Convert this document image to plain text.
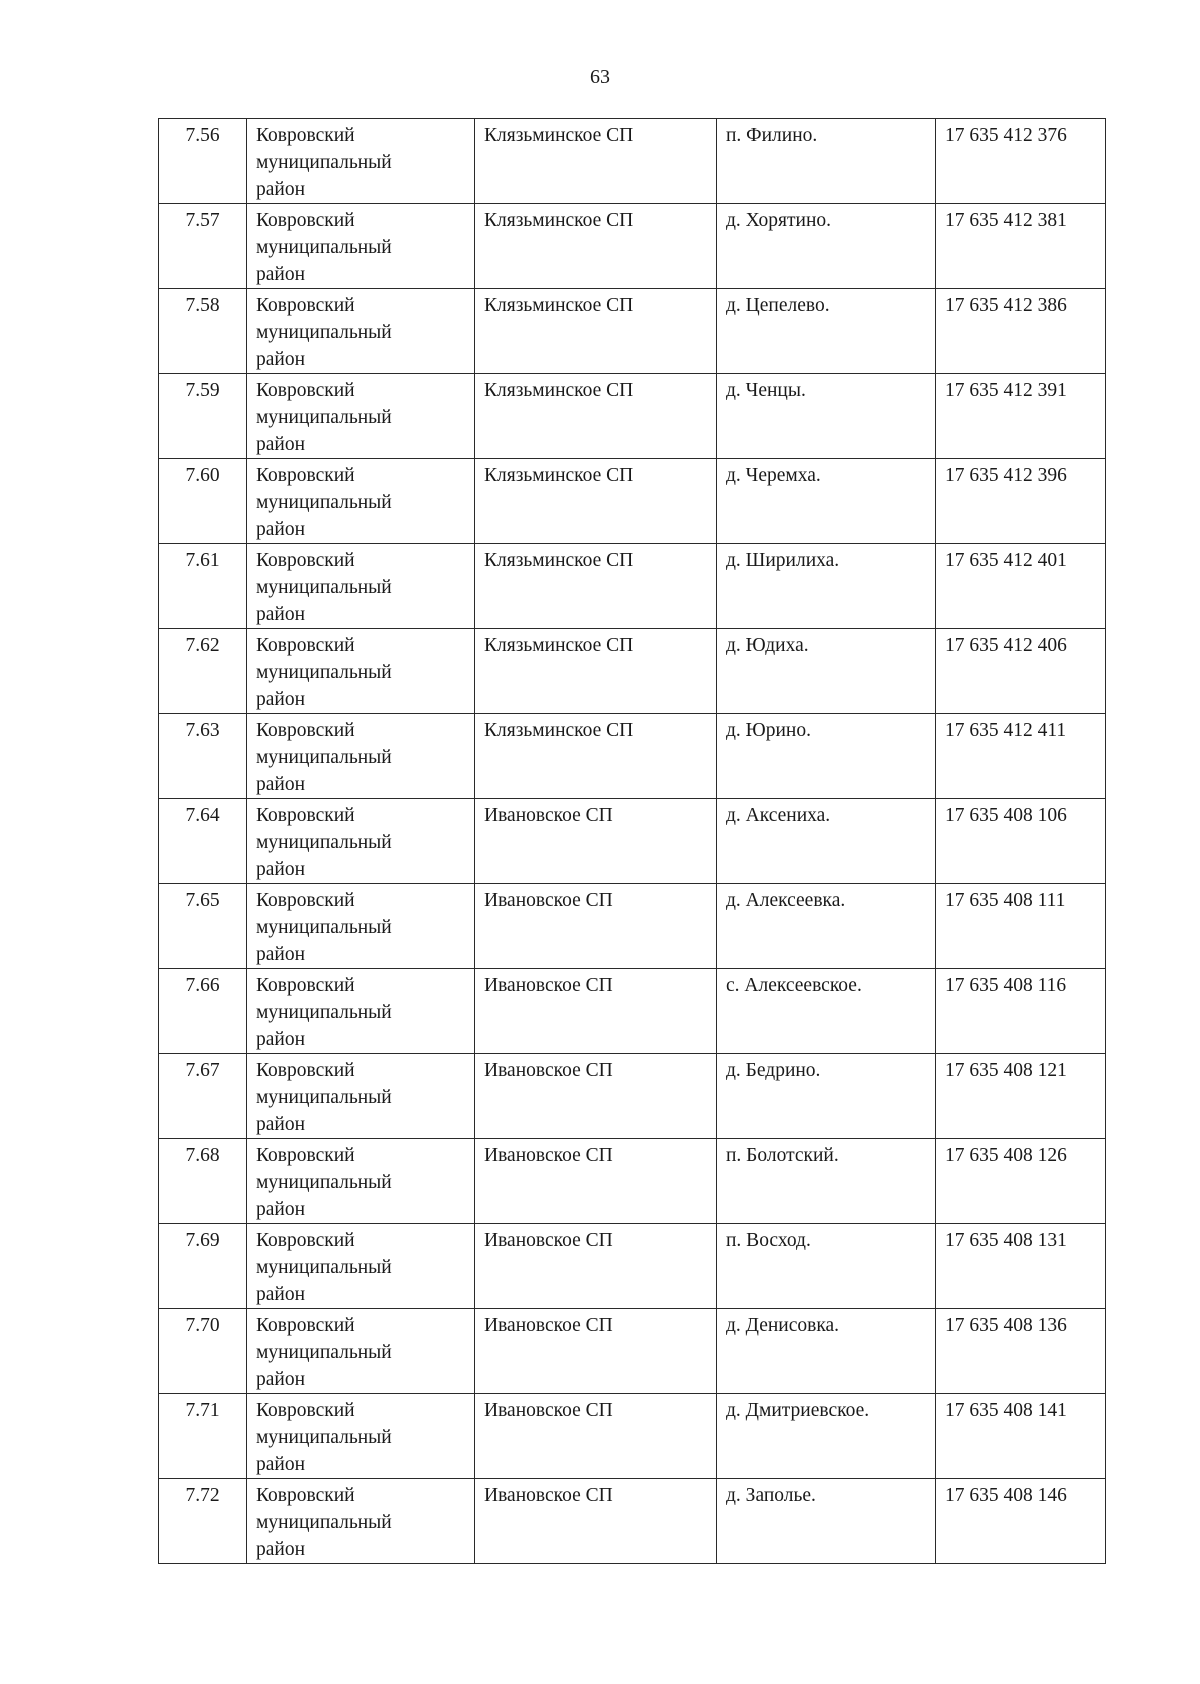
63
7.56	Ковровский
муниципальный
район	Клязьминское СП	п. Филино.	17 635 412 376
7.57	Ковровский
муниципальный
район	Клязьминское СП	д. Хорятино.	17 635 412 381
7.58	Ковровский
муниципальный
район	Клязьминское СП	д. Цепелево.	17 635 412 386
7.59	Ковровский
муниципальный
район	Клязьминское СП	д. Ченцы.	17 635 412 391
7.60	Ковровский
муниципальный
район	Клязьминское СП	д. Черемха.	17 635 412 396
7.61	Ковровский
муниципальный
район	Клязьминское СП	д. Ширилиха.	17 635 412 401
7.62	Ковровский
муниципальный
район	Клязьминское СП	д. Юдиха.	17 635 412 406
7.63	Ковровский
муниципальный
район	Клязьминское СП	д. Юрино.	17 635 412 411
7.64	Ковровский
муниципальный
район	Ивановское СП	д. Аксениха.	17 635 408 106
7.65	Ковровский
муниципальный
район	Ивановское СП	д. Алексеевка.	17 635 408 111
7.66	Ковровский
муниципальный
район	Ивановское СП	с. Алексеевское.	17 635 408 116
7.67	Ковровский
муниципальный
район	Ивановское СП	д. Бедрино.	17 635 408 121
7.68	Ковровский
муниципальный
район	Ивановское СП	п. Болотский.	17 635 408 126
7.69	Ковровский
муниципальный
район	Ивановское СП	п. Восход.	17 635 408 131
7.70	Ковровский
муниципальный
район	Ивановское СП	д. Денисовка.	17 635 408 136
7.71	Ковровский
муниципальный
район	Ивановское СП	д. Дмитриевское.	17 635 408 141
7.72	Ковровский
муниципальный
район	Ивановское СП	д. Заполье.	17 635 408 146
